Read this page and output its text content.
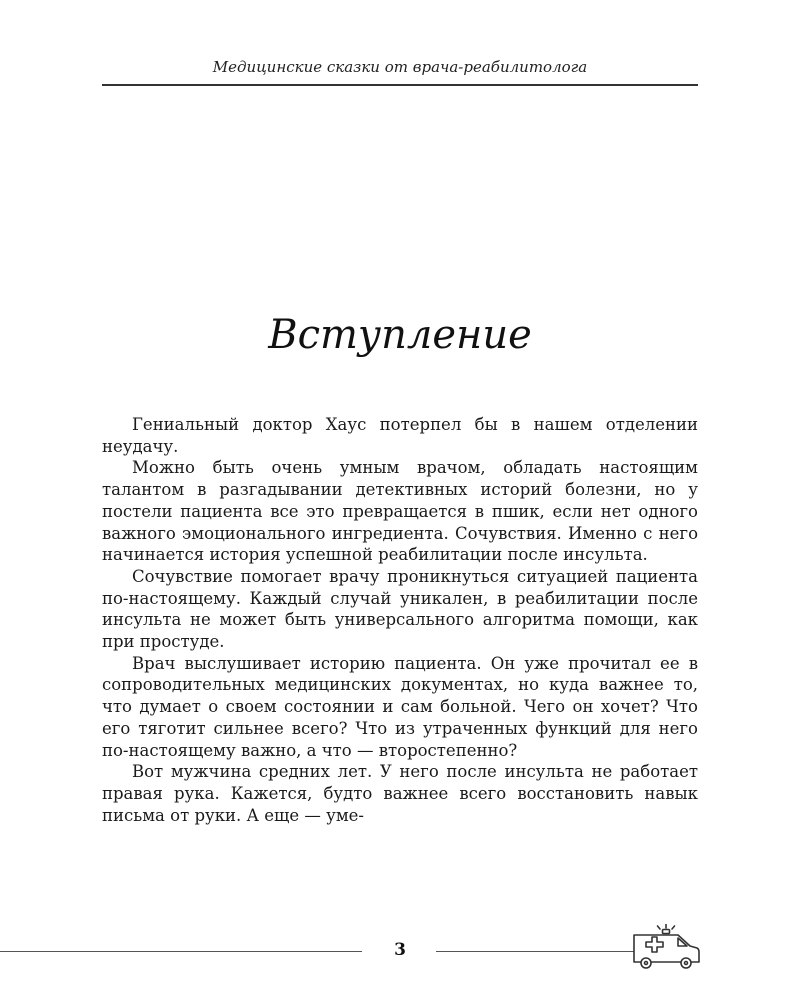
Медицинские сказки от врача-реабилитолога
Вступление

Гениальный доктор Хаус потерпел бы в нашем отделении неудачу.

Можно быть очень умным врачом, обладать настоящим талантом в разгадывании детективных историй болезни, но у постели пациента все это превращается в пшик, если нет одного важного эмоционального ингредиента. Сочувствия. Именно с него начинается история успешной реабилитации после инсульта.

Сочувствие помогает врачу проникнуться ситуацией пациента по-настоящему. Каждый случай уникален, в реабилитации после инсульта не может быть универсального алгоритма помощи, как при простуде.

Врач выслушивает историю пациента. Он уже прочитал ее в сопроводительных медицинских документах, но куда важнее то, что думает о своем состоянии и сам больной. Чего он хочет? Что его тяготит сильнее всего? Что из утраченных функций для него по-настоящему важно, а что — второстепенно?

Вот мужчина средних лет. У него после инсульта не работает правая рука. Кажется, будто важнее всего восстановить навык письма от руки. А еще — уме-

3
